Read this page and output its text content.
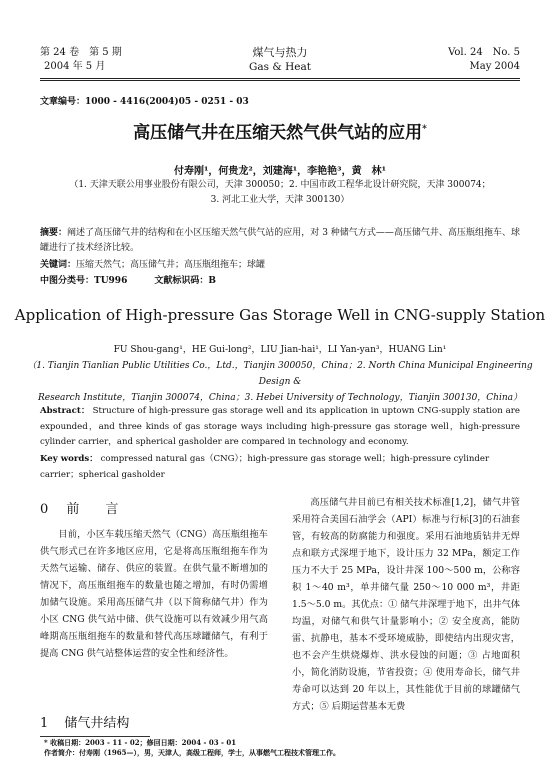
第 24 卷　第 5 期
2004 年 5 月
煤气与热力
Gas & Heat
Vol. 24　No. 5
May 2004
文章编号：1000 - 4416(2004)05 - 0251 - 03
高压储气井在压缩天然气供气站的应用*
付寿刚¹，何贵龙²，刘建海¹，李艳艳³，黄　林¹
（1. 天津天联公用事业股份有限公司，天津 300050；2. 中国市政工程华北设计研究院，天津 300074；
3. 河北工业大学，天津 300130）
摘要：阐述了高压储气井的结构和在小区压缩天然气供气站的应用，对 3 种储气方式——高压储气井、高压瓶组拖车、球罐进行了技术经济比较。
关键词：压缩天然气；高压储气井；高压瓶组拖车；球罐
中图分类号：TU996　　　文献标识码：B
Application of High-pressure Gas Storage Well in CNG-supply Station
FU Shou-gang¹，HE Gui-long²，LIU Jian-hai¹，LI Yan-yan³，HUANG Lin¹
（1. Tianjin Tianlian Public Utilities Co.，Ltd.，Tianjin 300050，China；2. North China Municipal Engineering Design &
Research Institute，Tianjin 300074，China；3. Hebei University of Technology，Tianjin 300130，China）
Abstract： Structure of high-pressure gas storage well and its application in uptown CNG-supply station are expounded，and three kinds of gas storage ways including high-pressure gas storage well，high-pressure cylinder carrier，and spherical gasholder are compared in technology and economy.
Key words： compressed natural gas（CNG）；high-pressure gas storage well；high-pressure cylinder carrier；spherical gasholder
0 前　　言
目前，小区车载压缩天然气（CNG）高压瓶组拖车供气形式已在许多地区应用，它是将高压瓶组拖车作为天然气运输、储存、供应的装置。在供气量不断增加的情况下，高压瓶组拖车的数量也随之增加，有时仍需增加储气设施。采用高压储气井（以下简称储气井）作为小区 CNG 供气站中储、供气设施可以有效减少用气高峰期高压瓶组拖车的数量和替代高压球罐储气，有利于提高 CNG 供气站整体运营的安全性和经济性。
1 储气井结构
高压储气井目前已有相关技术标准[1,2]，储气井管采用符合美国石油学会（API）标准与行标[3]的石油套管，有较高的防腐能力和强度。采用石油地质钻井无焊点和联方式深埋于地下，设计压力 32 MPa，额定工作压力不大于 25 MPa，设计井深 100～500 m，公称容积 1～40 m³，单井储气量 250～10 000 m³，井距 1.5～5.0 m。其优点：① 储气井深埋于地下，出井气体均温，对储气和供气计量影响小；② 安全度高，能防雷、抗静电，基本不受环境威胁，即使结内出现灾害，也不会产生烘烧爆炸、洪水侵蚀的问题；③ 占地面积小，简化消防设施，节省投资；④ 使用寿命长，储气井寿命可以达到 20 年以上，其性能优于目前的球罐储气方式；⑤ 后期运营基本无费
* 收稿日期：2003 - 11 - 02；修回日期：2004 - 03 - 01
作者简介：付寿刚（1965—），男，天津人，高级工程师，学士，从事燃气工程技术管理工作。
